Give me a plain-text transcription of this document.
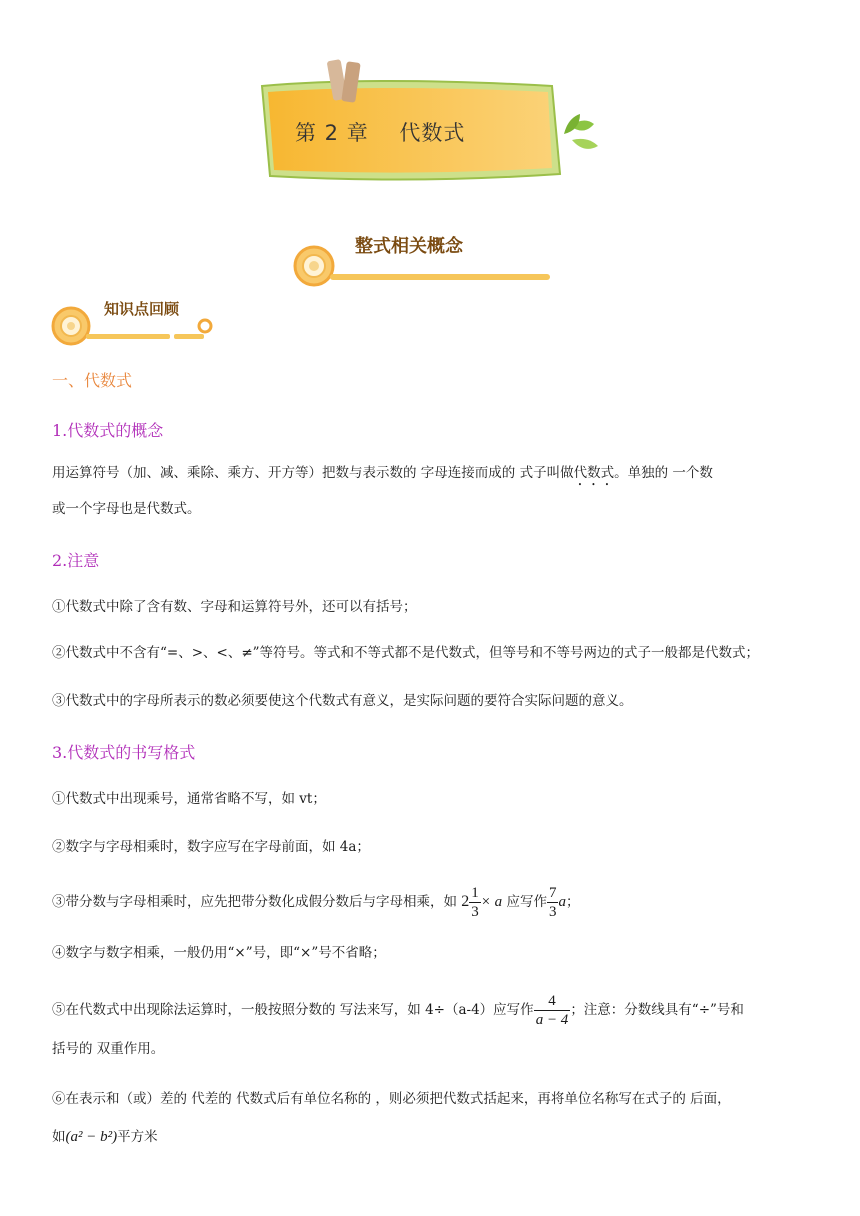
第 2 章    代数式
整式相关概念
知识点回顾
一、代数式
1.代数式的概念
用运算符号（加、减、乘除、乘方、开方等）把数与表示数的 字母连接而成的 式子叫做代数式。单独的 一个数
或一个字母也是代数式。
2.注意
①代数式中除了含有数、字母和运算符号外，还可以有括号；
②代数式中不含有“=、>、<、≠”等符号。等式和不等式都不是代数式，但等号和不等号两边的式子一般都是代数式；
③代数式中的字母所表示的数必须要使这个代数式有意义，是实际问题的要符合实际问题的意义。
3.代数式的书写格式
①代数式中出现乘号，通常省略不写，如 vt；
②数字与字母相乘时，数字应写在字母前面，如 4a；
③带分数与字母相乘时，应先把带分数化成假分数后与字母相乘，如 $2 \frac{1}{3} \times a$ 应写作 $\frac{7}{3}$ a；
④数字与数字相乘，一般仍用“×”号，即“×”号不省略；
⑤在代数式中出现除法运算时，一般按照分数的 写法来写，如 4÷（a-4）应写作 $\frac{4}{a - 4}$ ；注意：分数线具有“÷”号和
括号的 双重作用。
⑥在表示和（或）差的 代差的 代数式后有单位名称的 ，则必须把代数式括起来，再将单位名称写在式子的 后面，
如(a² − b²)平方米
